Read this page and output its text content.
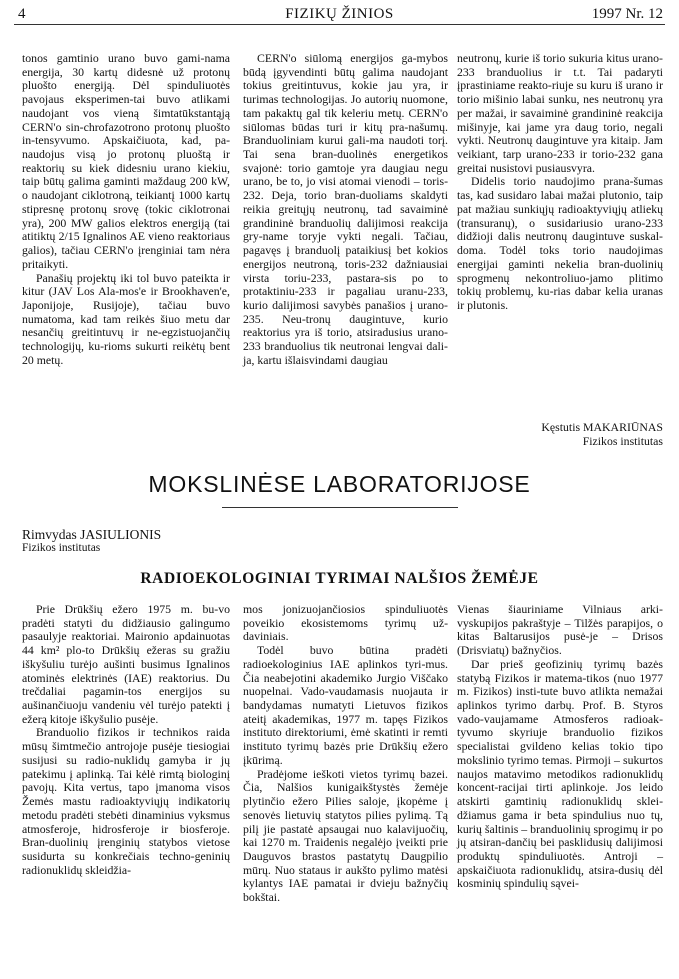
4	FIZIKŲ ŽINIOS	1997 Nr. 12

tonos gamtinio urano buvo gami-nama energija, 30 kartų didesnė už protonų pluošto energiją. Dėl spinduliuotės pavojaus eksperimen-tai buvo atlikami naudojant vos vieną šimtatūkstantąją CERN'o sin-chrofazotrono protonų pluošto in-tensyvumo. Apskaičiuota, kad, pa-naudojus visą jo protonų pluoštą ir reaktorių su kiek didesniu urano kiekiu, taip būtų galima gaminti maždaug 200 kW, o naudojant ciklotroną, teikiantį 1000 kartų stipresnę protonų srovę (tokic ciklotronai yra), 200 MW galios elektros energiją (tai atitiktų 2/15 Ignalinos AE vieno reaktoriaus galios), tačiau CERN'o įrenginiai tam nėra pritaikyti.

Panašių projektų iki tol buvo pateikta ir kitur (JAV Los Ala-mos'e ir Brookhaven'e, Japonijoje, Rusijoje), tačiau buvo numatoma, kad tam reikės šiuo metu dar nesančių greitintuvų ir ne-egzistuojančių technologijų, ku-rioms sukurti reikėtų bent 20 metų.

CERN'o siūlomą energijos ga-mybos būdą įgyvendinti būtų galima naudojant tokius greitintuvus, kokie jau yra, ir turimas technologijas. Jo autorių nuomone, tam pakaktų gal tik keleriu metų. CERN'o siūlomas būdas turi ir kitų pra-našumų. Branduoliniam kurui gali-ma naudoti torį. Tai sena bran-duolinės energetikos svajonė: torio gamtoje yra daugiau negu urano, be to, jo visi atomai vienodi – toris-232. Deja, torio bran-duoliams skaldyti reikia greitųjų neutronų, tad savaiminė grandininė branduolių dalijimosi reakcija gry-name toryje vykti negali. Tačiau, pagavęs į branduolį pataikiusį bet kokios energijos neutroną, toris-232 dažniausiai virsta toriu-233, pastara-sis po to protaktiniu-233 ir pagaliau uranu-233, kurio dalijimosi savybės panašios į urano-235. Neu-tronų daugintuve, kurio reaktorius yra iš torio, atsiradusius urano-233 branduolius tik neutronai lengvai dali-ja, kartu išlaisvindami daugiau

neutronų, kurie iš torio sukuria kitus urano-233 branduolius ir t.t. Tai padaryti įprastiniame reakto-riuje su kuru iš urano ir torio mišinio labai sunku, nes neutronų yra per mažai, ir savaiminė grandininė reakcija mišinyje, kai jame yra daug torio, negali vykti. Neutronų daugintuve yra kitaip. Jam veikiant, tarp urano-233 ir torio-232 gana greitai nusistovi pusiausvyra.

Didelis torio naudojimo prana-šumas tas, kad susidaro labai mažai plutonio, taip pat mažiau sunkiųjų radioaktyviųjų atliekų (transuranų), o susidariusio urano-233 didžioji dalis neutronų daugintuve suskal-doma. Todėl toks torio naudojimas energijai gaminti nekelia bran-duolinių sprogmenų nekontroliuo-jamo plitimo tokių problemų, ku-rias dabar kelia uranas ir plutonis.

Kęstutis MAKARIŪNAS
Fizikos institutas
MOKSLINĖSE LABORATORIJOSE
Rimvydas JASIULIONIS
Fizikos institutas
RADIOEKOLOGINIAI TYRIMAI NALŠIOS ŽEMĖJE

Prie Drūkšių ežero 1975 m. bu-vo pradėti statyti du didžiausio galingumo pasaulyje reaktoriai. Maironio apdainuotas 44 km² plo-to Drūkšių ežeras su gražiu iškyšuliu turėjo aušinti busimus Ignalinos atominės elektrinės (IAE) reaktorius. Du trečdaliai pagamin-tos energijos su aušinančiuoju vandeniu vėl turėjo patekti į ežerą kitoje iškyšulio pusėje.

Branduolio fizikos ir technikos raida mūsų šimtmečio antrojoje pusėje tiesiogiai susijusi su radio-nuklidų gamyba ir jų patekimu į aplinką. Tai kėlė rimtą biologinį pavojų. Kita vertus, tapo įmanoma visos Žemės mastu radioaktyviųjų indikatorių metodu pradėti stebėti dinaminius vyksmus atmosferoje, hidrosferoje ir biosferoje. Bran-duolinių įrenginių statybos vietose susidurta su konkrečiais techno-geninių radionuklidų skleidžia-

mos jonizuojančiosios spinduliuotės poveikio ekosistemoms tyrimų už-daviniais.

Todėl buvo būtina pradėti radioekologinius IAE aplinkos tyri-mus. Čia neabejotini akademiko Jurgio Viščako nuopelnai. Vado-vaudamasis nuojauta ir bandydamas numatyti Lietuvos fizikos ateitį akademikas, 1977 m. tapęs Fizikos instituto direktoriumi, ėmė skatinti ir remti instituto tyrimų bazės prie Drūkšių ežero įkūrimą.

Pradėjome ieškoti vietos tyrimų bazei. Čia, Nalšios kunigaikštystės žemėje plytinčio ežero Pilies saloje, įkopėme į senovės lietuvių statytos pilies pylimą. Tą pilį jie pastatė apsaugai nuo kalavijuočių, kai 1270 m. Traidenis negalėjo įveikti prie Dauguvos brastos pastatytų Daugpilio mūrų. Nuo stataus ir aukšto pylimo matėsi kylantys IAE pamatai ir dvieju bažnyčių bokštai.

Vienas šiauriniame Vilniaus arki-vyskupijos pakraštyje – Tilžės parapijos, o kitas Baltarusijos pusė-je – Drisos (Drisviatų) bažnyčios.

Dar prieš geofizinių tyrimų bazės statybą Fizikos ir matema-tikos (nuo 1977 m. Fizikos) insti-tute buvo atlikta nemažai aplinkos tyrimo darbų. Prof. B. Styros vado-vaujamame Atmosferos radioak-tyvumo skyriuje branduolio fizikos specialistai gvildeno kelias tokio tipo mokslinio tyrimo temas. Pirmoji – sukurtos naujos matavimo metodikos radionuklidų koncent-racijai tirti aplinkoje. Jos leido atskirti gamtinių radionuklidų sklei-džiamus gama ir beta spindulius nuo tų, kurių šaltinis – branduolinių sprogimų ir po jų atsiran-dančių bei pasklidusių dalijimosi produktų spinduliuotės. Antroji – apskaičiuota radionuklidų, atsira-dusių dėl kosminių spindulių sąvei-
